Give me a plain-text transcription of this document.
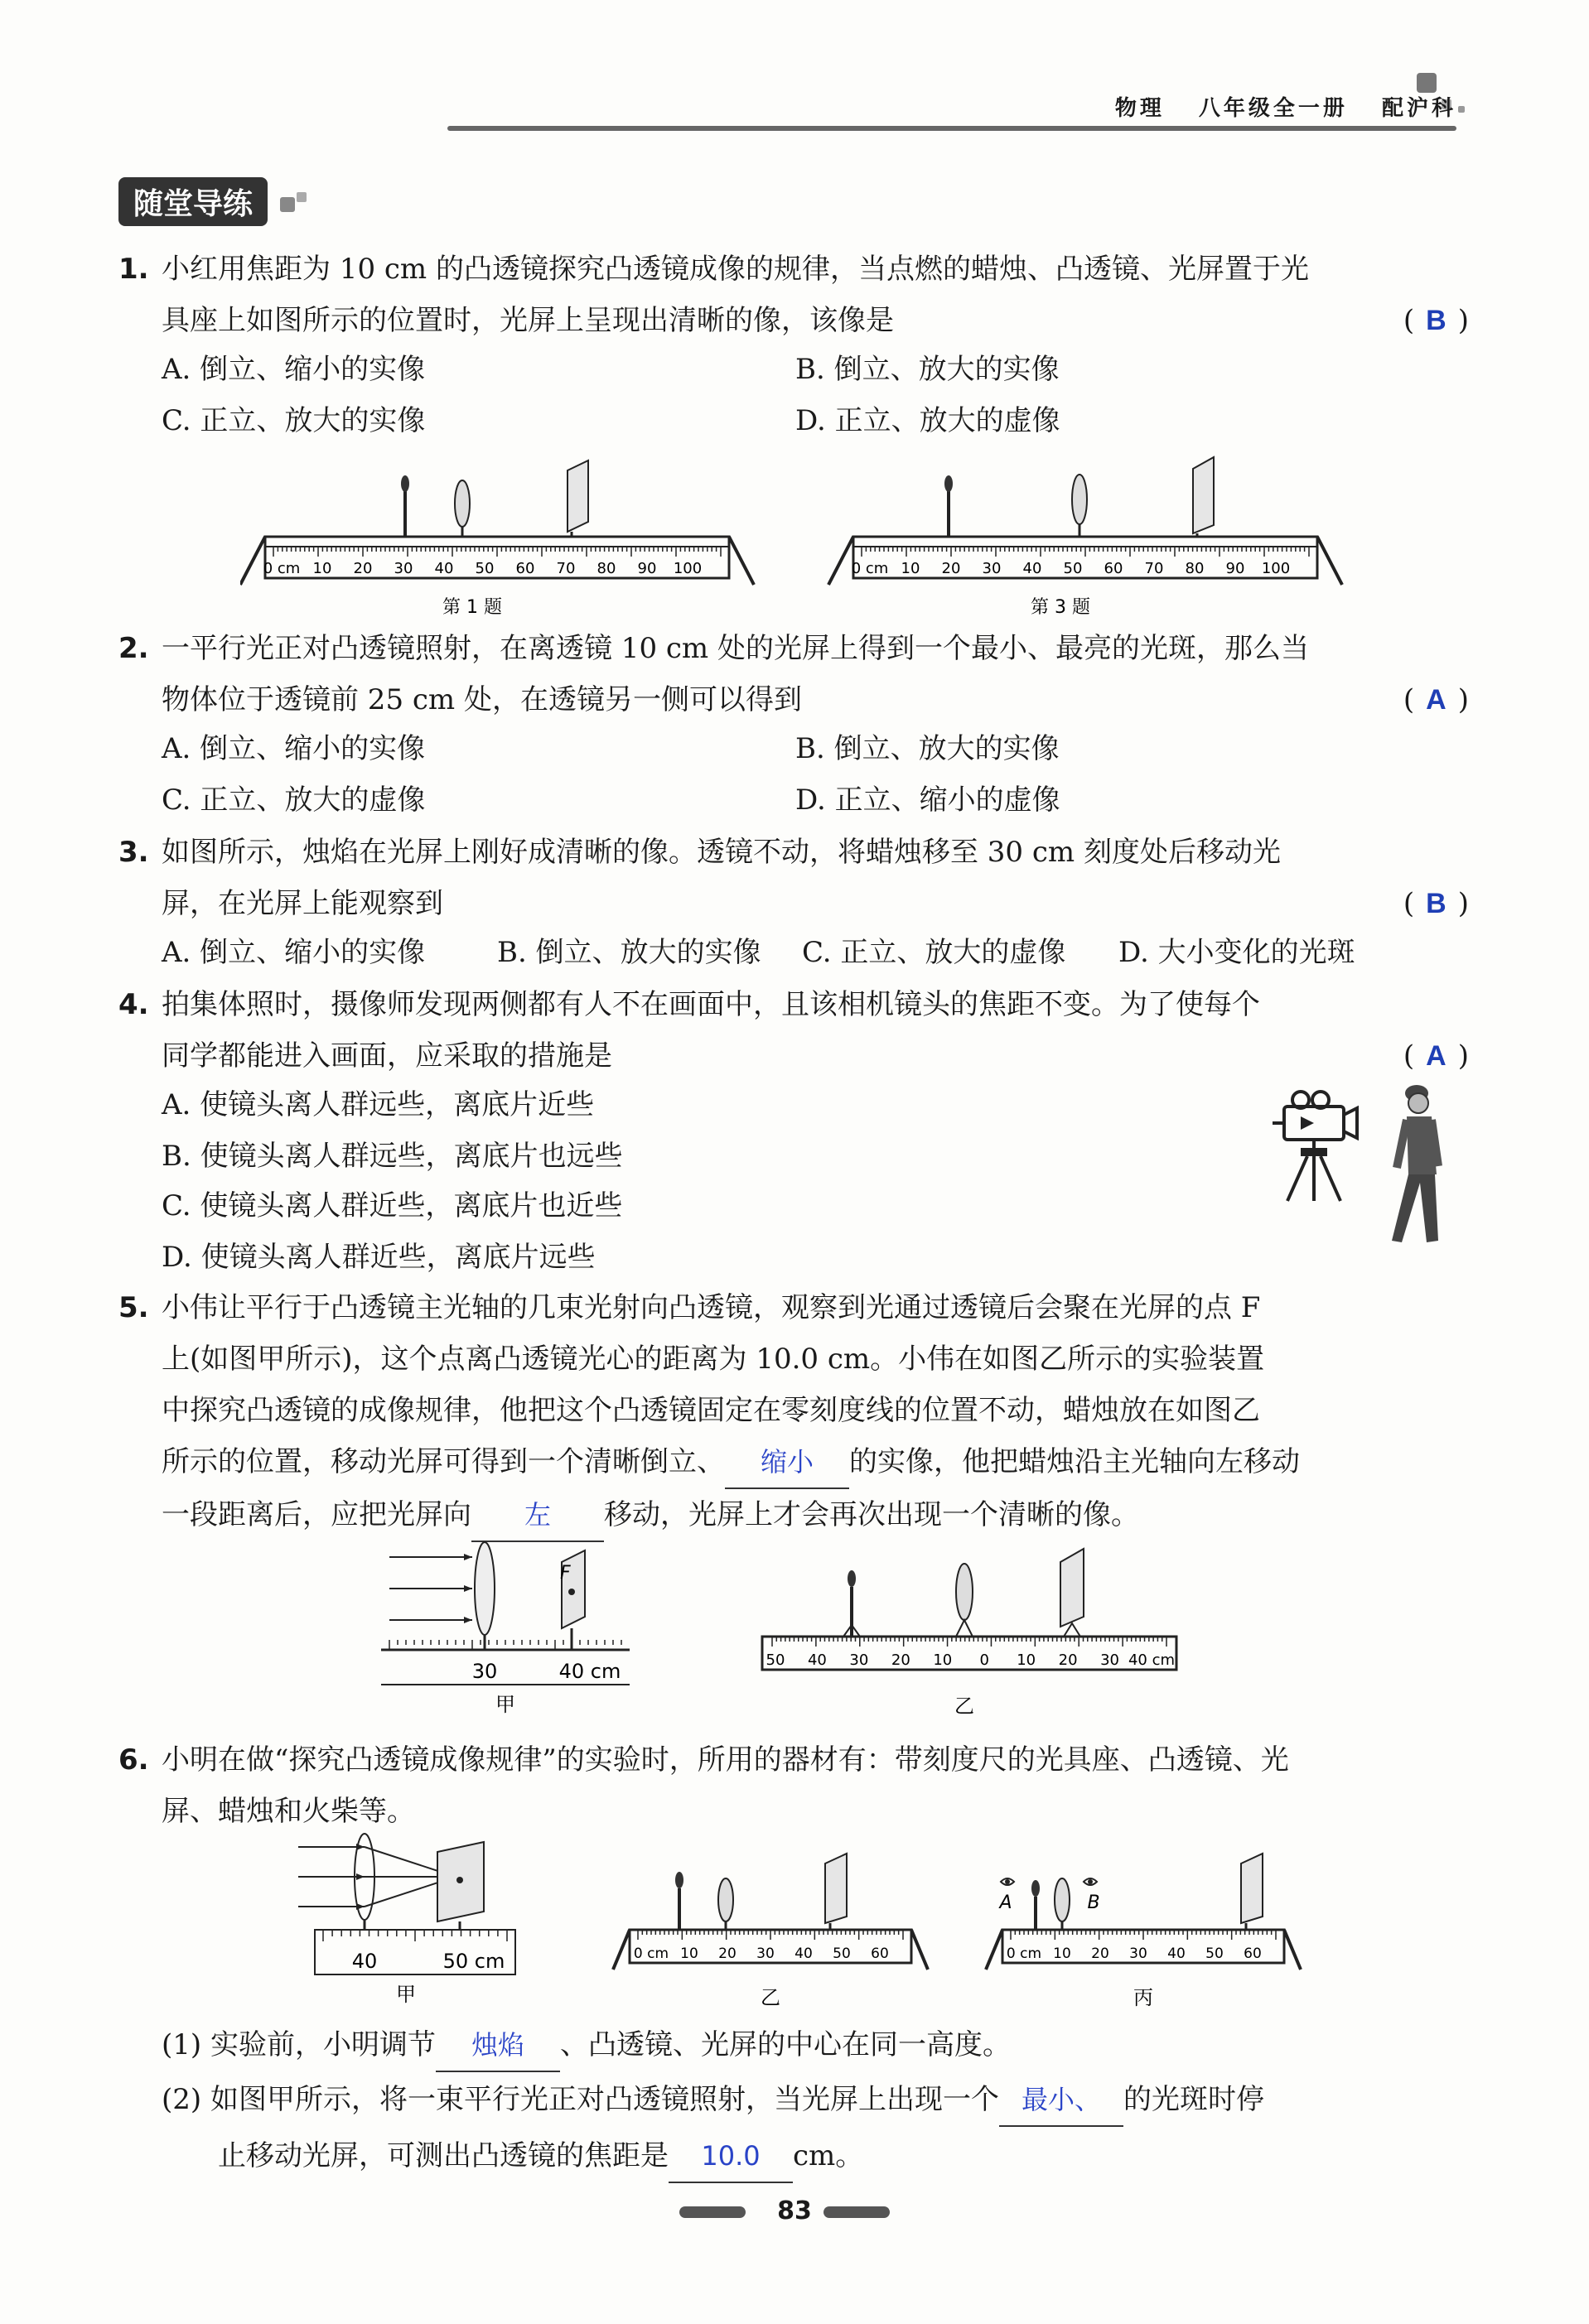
物理 八年级全一册 配沪科
随堂导练
1. 小红用焦距为 10 cm 的凸透镜探究凸透镜成像的规律，当点燃的蜡烛、凸透镜、光屏置于光
具座上如图所示的位置时，光屏上呈现出清晰的像，该像是	( B )
A. 倒立、缩小的实像	B. 倒立、放大的实像
C. 正立、放大的实像	D. 正立、放大的虚像
0 cm 10 20 30 40 50 60 70 80 90 100
第 1 题
0 cm 10 20 30 40 50 60 70 80 90 100
第 3 题
2. 一平行光正对凸透镜照射，在离透镜 10 cm 处的光屏上得到一个最小、最亮的光斑，那么当
物体位于透镜前 25 cm 处，在透镜另一侧可以得到	( A )
A. 倒立、缩小的实像	B. 倒立、放大的实像
C. 正立、放大的虚像	D. 正立、缩小的虚像
3. 如图所示，烛焰在光屏上刚好成清晰的像。透镜不动，将蜡烛移至 30 cm 刻度处后移动光
屏，在光屏上能观察到	( B )
A. 倒立、缩小的实像	B. 倒立、放大的实像 C. 正立、放大的虚像 D. 大小变化的光斑
4. 拍集体照时，摄像师发现两侧都有人不在画面中，且该相机镜头的焦距不变。为了使每个
同学都能进入画面，应采取的措施是	( A )
A. 使镜头离人群远些，离底片近些
B. 使镜头离人群远些，离底片也远些
C. 使镜头离人群近些，离底片也近些
D. 使镜头离人群近些，离底片远些
5. 小伟让平行于凸透镜主光轴的几束光射向凸透镜，观察到光通过透镜后会聚在光屏的点 F
上(如图甲所示)，这个点离凸透镜光心的距离为 10.0 cm。小伟在如图乙所示的实验装置
中探究凸透镜的成像规律，他把这个凸透镜固定在零刻度线的位置不动，蜡烛放在如图乙
所示的位置，移动光屏可得到一个清晰倒立、 缩小 的实像，他把蜡烛沿主光轴向左移动
一段距离后，应把光屏向 左 移动，光屏上才会再次出现一个清晰的像。
F
30	40 cm
甲
50 40 30 20 10 0 10 20 30 40 cm
乙
6. 小明在做“探究凸透镜成像规律”的实验时，所用的器材有：带刻度尺的光具座、凸透镜、光
屏、蜡烛和火柴等。
40	50 cm
甲
0 cm 10 20 30 40 50 60
乙
0 cm 10 20 30 40 50 60
A	B
丙
(1) 实验前，小明调节 烛焰 、凸透镜、光屏的中心在同一高度。
(2) 如图甲所示，将一束平行光正对凸透镜照射，当光屏上出现一个 最小、 的光斑时停
止移动光屏，可测出凸透镜的焦距是 10.0 cm。
83
